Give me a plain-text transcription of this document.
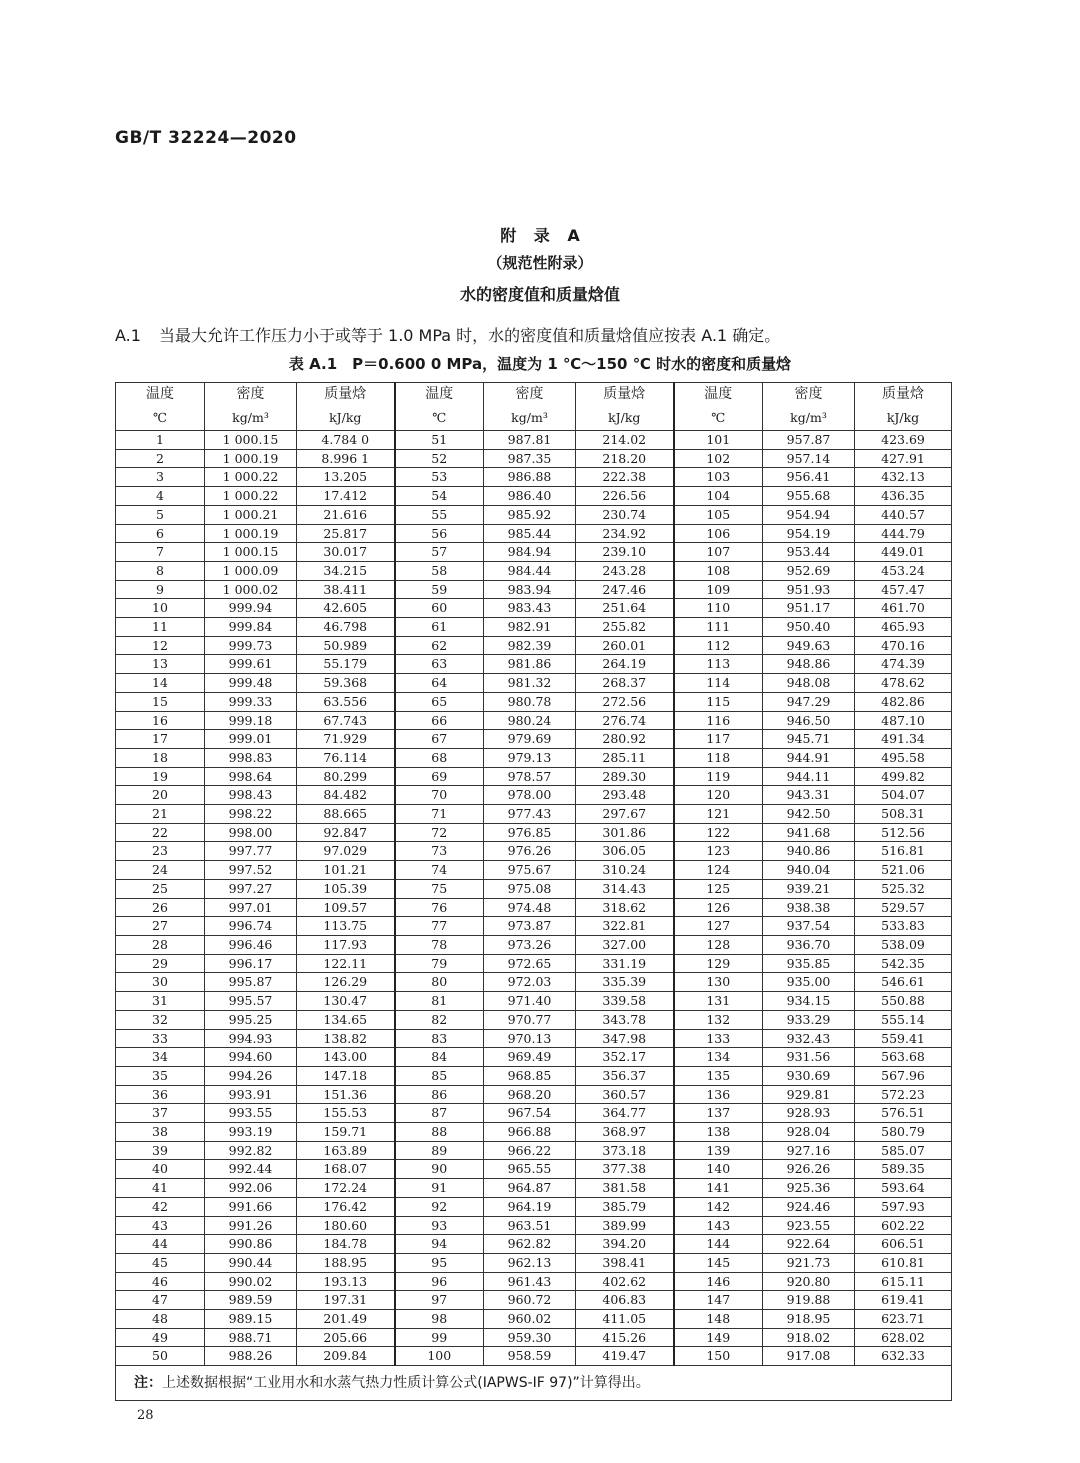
GB/T 32224—2020
附 录 A
（规范性附录）
水的密度值和质量焓值
A.1 当最大允许工作压力小于或等于 1.0 MPa 时，水的密度值和质量焓值应按表 A.1 确定。
表 A.1　P＝0.600 0 MPa，温度为 1 ℃～150 ℃ 时水的密度和质量焓
温度	密度	质量焓	温度	密度	质量焓	温度	密度	质量焓
℃	kg/m³	kJ/kg	℃	kg/m³	kJ/kg	℃	kg/m³	kJ/kg
1	1 000.15	4.784 0	51	987.81	214.02	101	957.87	423.69
2	1 000.19	8.996 1	52	987.35	218.20	102	957.14	427.91
3	1 000.22	13.205	53	986.88	222.38	103	956.41	432.13
4	1 000.22	17.412	54	986.40	226.56	104	955.68	436.35
5	1 000.21	21.616	55	985.92	230.74	105	954.94	440.57
6	1 000.19	25.817	56	985.44	234.92	106	954.19	444.79
7	1 000.15	30.017	57	984.94	239.10	107	953.44	449.01
8	1 000.09	34.215	58	984.44	243.28	108	952.69	453.24
9	1 000.02	38.411	59	983.94	247.46	109	951.93	457.47
10	999.94	42.605	60	983.43	251.64	110	951.17	461.70
11	999.84	46.798	61	982.91	255.82	111	950.40	465.93
12	999.73	50.989	62	982.39	260.01	112	949.63	470.16
13	999.61	55.179	63	981.86	264.19	113	948.86	474.39
14	999.48	59.368	64	981.32	268.37	114	948.08	478.62
15	999.33	63.556	65	980.78	272.56	115	947.29	482.86
16	999.18	67.743	66	980.24	276.74	116	946.50	487.10
17	999.01	71.929	67	979.69	280.92	117	945.71	491.34
18	998.83	76.114	68	979.13	285.11	118	944.91	495.58
19	998.64	80.299	69	978.57	289.30	119	944.11	499.82
20	998.43	84.482	70	978.00	293.48	120	943.31	504.07
21	998.22	88.665	71	977.43	297.67	121	942.50	508.31
22	998.00	92.847	72	976.85	301.86	122	941.68	512.56
23	997.77	97.029	73	976.26	306.05	123	940.86	516.81
24	997.52	101.21	74	975.67	310.24	124	940.04	521.06
25	997.27	105.39	75	975.08	314.43	125	939.21	525.32
26	997.01	109.57	76	974.48	318.62	126	938.38	529.57
27	996.74	113.75	77	973.87	322.81	127	937.54	533.83
28	996.46	117.93	78	973.26	327.00	128	936.70	538.09
29	996.17	122.11	79	972.65	331.19	129	935.85	542.35
30	995.87	126.29	80	972.03	335.39	130	935.00	546.61
31	995.57	130.47	81	971.40	339.58	131	934.15	550.88
32	995.25	134.65	82	970.77	343.78	132	933.29	555.14
33	994.93	138.82	83	970.13	347.98	133	932.43	559.41
34	994.60	143.00	84	969.49	352.17	134	931.56	563.68
35	994.26	147.18	85	968.85	356.37	135	930.69	567.96
36	993.91	151.36	86	968.20	360.57	136	929.81	572.23
37	993.55	155.53	87	967.54	364.77	137	928.93	576.51
38	993.19	159.71	88	966.88	368.97	138	928.04	580.79
39	992.82	163.89	89	966.22	373.18	139	927.16	585.07
40	992.44	168.07	90	965.55	377.38	140	926.26	589.35
41	992.06	172.24	91	964.87	381.58	141	925.36	593.64
42	991.66	176.42	92	964.19	385.79	142	924.46	597.93
43	991.26	180.60	93	963.51	389.99	143	923.55	602.22
44	990.86	184.78	94	962.82	394.20	144	922.64	606.51
45	990.44	188.95	95	962.13	398.41	145	921.73	610.81
46	990.02	193.13	96	961.43	402.62	146	920.80	615.11
47	989.59	197.31	97	960.72	406.83	147	919.88	619.41
48	989.15	201.49	98	960.02	411.05	148	918.95	623.71
49	988.71	205.66	99	959.30	415.26	149	918.02	628.02
50	988.26	209.84	100	958.59	419.47	150	917.08	632.33
注：上述数据根据“工业用水和水蒸气热力性质计算公式(IAPWS-IF 97)”计算得出。								
28
